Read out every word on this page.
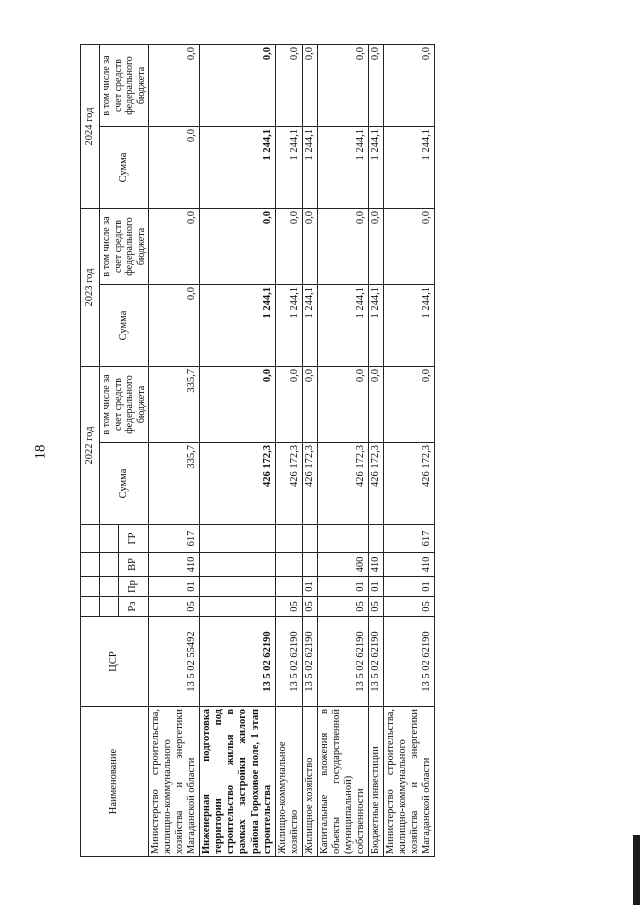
18
Наименование	ЦСР					2022 год		2023 год		2024 год	
						Сумма	в том числе за счет средств федерального бюджета	Сумма	в том числе за счет средств федерального бюджета	Сумма	в том числе за счет средств федерального бюджета
		Рз	Пр	ВР	ГР						
Министерство строительства, жилищно-коммунального хозяйства и энергетики Магаданской области	13 5 02 55492	05	01	410	617	335,7	335,7	0,0	0,0	0,0	0,0
Инженерная подготовка территории под строительство жилья в рамках застройки жилого района Гороховое поле, 1 этап строительства	13 5 02 62190					426 172,3	0,0	1 244,1	0,0	1 244,1	0,0
Жилищно-коммунальное хозяйство	13 5 02 62190	05				426 172,3	0,0	1 244,1	0,0	1 244,1	0,0
Жилищное хозяйство	13 5 02 62190	05	01			426 172,3	0,0	1 244,1	0,0	1 244,1	0,0
Капитальные вложения в объекты государственной (муниципальной) собственности	13 5 02 62190	05	01	400		426 172,3	0,0	1 244,1	0,0	1 244,1	0,0
Бюджетные инвестиции	13 5 02 62190	05	01	410		426 172,3	0,0	1 244,1	0,0	1 244,1	0,0
Министерство строительства, жилищно-коммунального хозяйства и энергетики Магаданской области	13 5 02 62190	05	01	410	617	426 172,3	0,0	1 244,1	0,0	1 244,1	0,0
